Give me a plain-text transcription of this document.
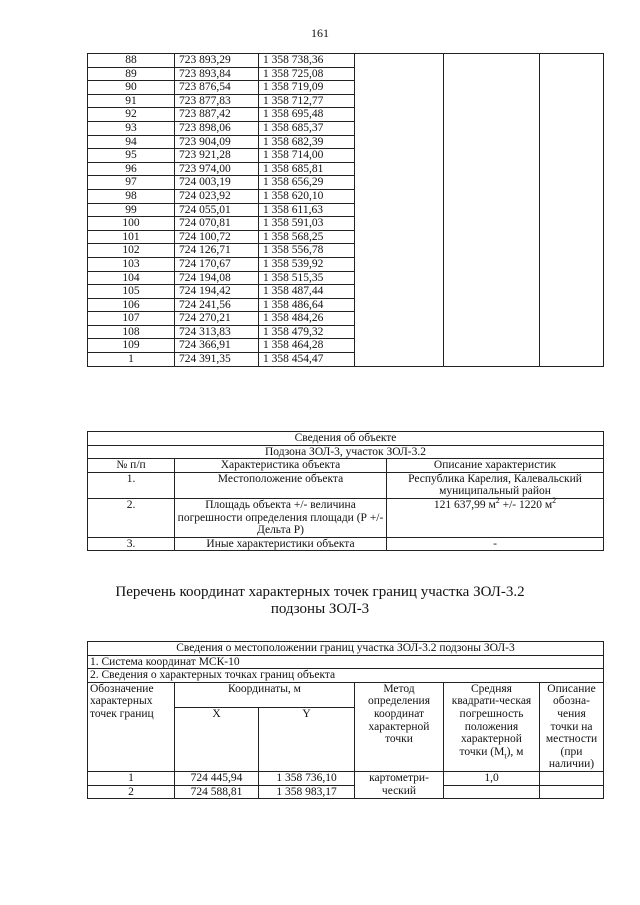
161
88	723 893,29	1 358 738,36			
89	723 893,84	1 358 725,08			
90	723 876,54	1 358 719,09			
91	723 877,83	1 358 712,77			
92	723 887,42	1 358 695,48			
93	723 898,06	1 358 685,37			
94	723 904,09	1 358 682,39			
95	723 921,28	1 358 714,00			
96	723 974,00	1 358 685,81			
97	724 003,19	1 358 656,29			
98	724 023,92	1 358 620,10			
99	724 055,01	1 358 611,63			
100	724 070,81	1 358 591,03			
101	724 100,72	1 358 568,25			
102	724 126,71	1 358 556,78			
103	724 170,67	1 358 539,92			
104	724 194,08	1 358 515,35			
105	724 194,42	1 358 487,44			
106	724 241,56	1 358 486,64			
107	724 270,21	1 358 484,26			
108	724 313,83	1 358 479,32			
109	724 366,91	1 358 464,28			
1	724 391,35	1 358 454,47			
Сведения об объекте		
Подзона ЗОЛ-3, участок ЗОЛ-3.2		
№ п/п	Характеристика объекта	Описание характеристик
1.	Местоположение объекта	Республика Карелия, Калевальский муниципальный район
2.	Площадь объекта +/- величина погрешности определения площади (Р +/- Дельта Р)	121 637,99 $м^2$ +/- 1220 $м^2$
3.	Иные характеристики объекта	-
Перечень координат характерных точек границ участка ЗОЛ-3.2
подзоны ЗОЛ-3
Сведения о местоположении границ участка ЗОЛ-3.2 подзоны ЗОЛ-3					
1. Система координат МСК-10					
2. Сведения о характерных точках границ объекта					
Обозначение характерных точек границ	Координаты, м		Метод определения координат характерной точки	Средняя квадрати-ческая погрешность положения характерной точки $(M_t)$, м	Описание обозна-чения точки на местности (при наличии)
	X	Y			
1	724 445,94	1 358 736,10	картометри-ческий	1,0	
2	724 588,81	1 358 983,17			
